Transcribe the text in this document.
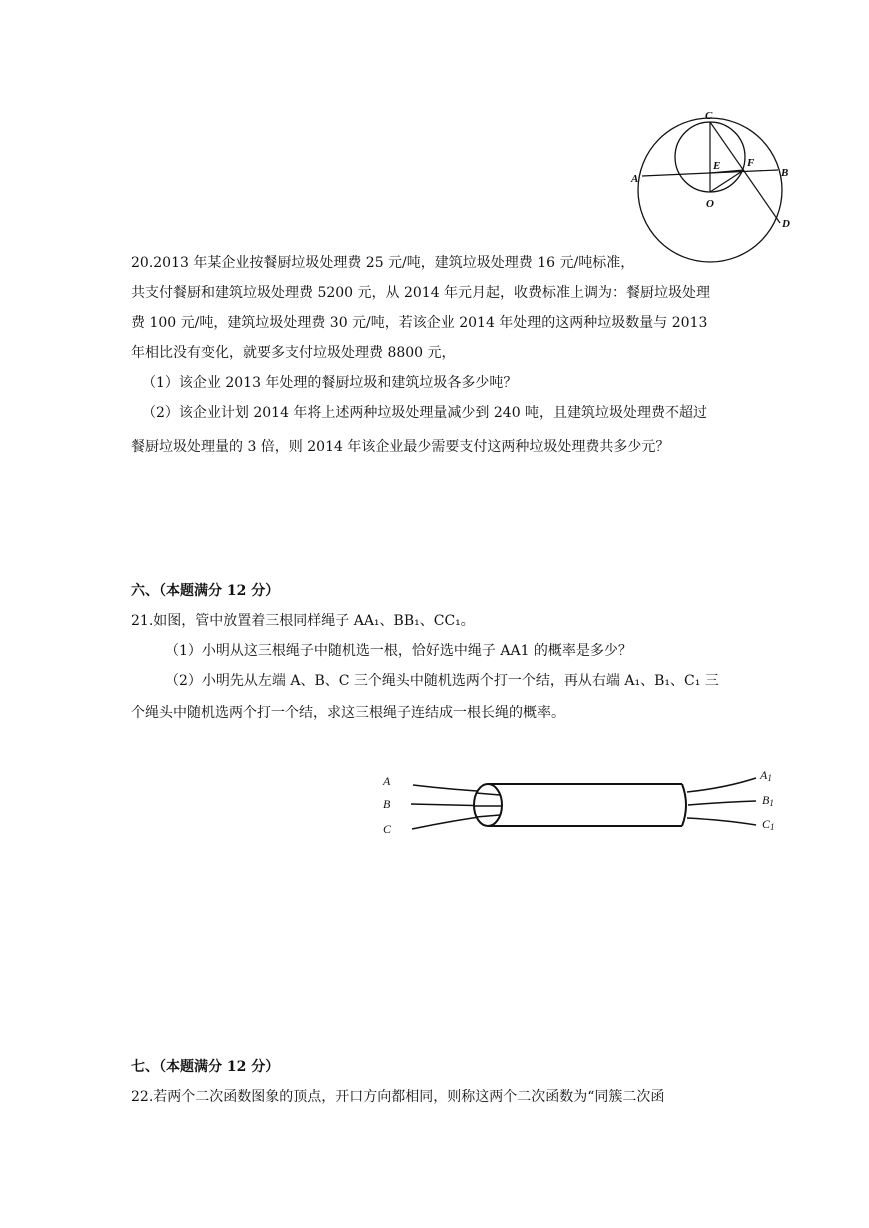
C
A
E F
B
O
D
20.2013 年某企业按餐厨垃圾处理费 25 元/吨，建筑垃圾处理费 16 元/吨标准，
共支付餐厨和建筑垃圾处理费 5200 元，从 2014 年元月起，收费标准上调为：餐厨垃圾处理
费 100 元/吨，建筑垃圾处理费 30 元/吨，若该企业 2014 年处理的这两种垃圾数量与 2013
年相比没有变化，就要多支付垃圾处理费 8800 元，
（1）该企业 2013 年处理的餐厨垃圾和建筑垃圾各多少吨？
（2）该企业计划 2014 年将上述两种垃圾处理量减少到 240 吨，且建筑垃圾处理费不超过
餐厨垃圾处理量的 3 倍，则 2014 年该企业最少需要支付这两种垃圾处理费共多少元？
六、（本题满分 12 分）
21.如图，管中放置着三根同样绳子 AA₁、BB₁、CC₁。
（1）小明从这三根绳子中随机选一根，恰好选中绳子 AA1 的概率是多少？
（2）小明先从左端 A、B、C 三个绳头中随机选两个打一个结，再从右端 A₁、B₁、C₁ 三
个绳头中随机选两个打一个结，求这三根绳子连结成一根长绳的概率。
A
B
C
A1
B1
C1
七、（本题满分 12 分）
22.若两个二次函数图象的顶点，开口方向都相同，则称这两个二次函数为“同簇二次函
